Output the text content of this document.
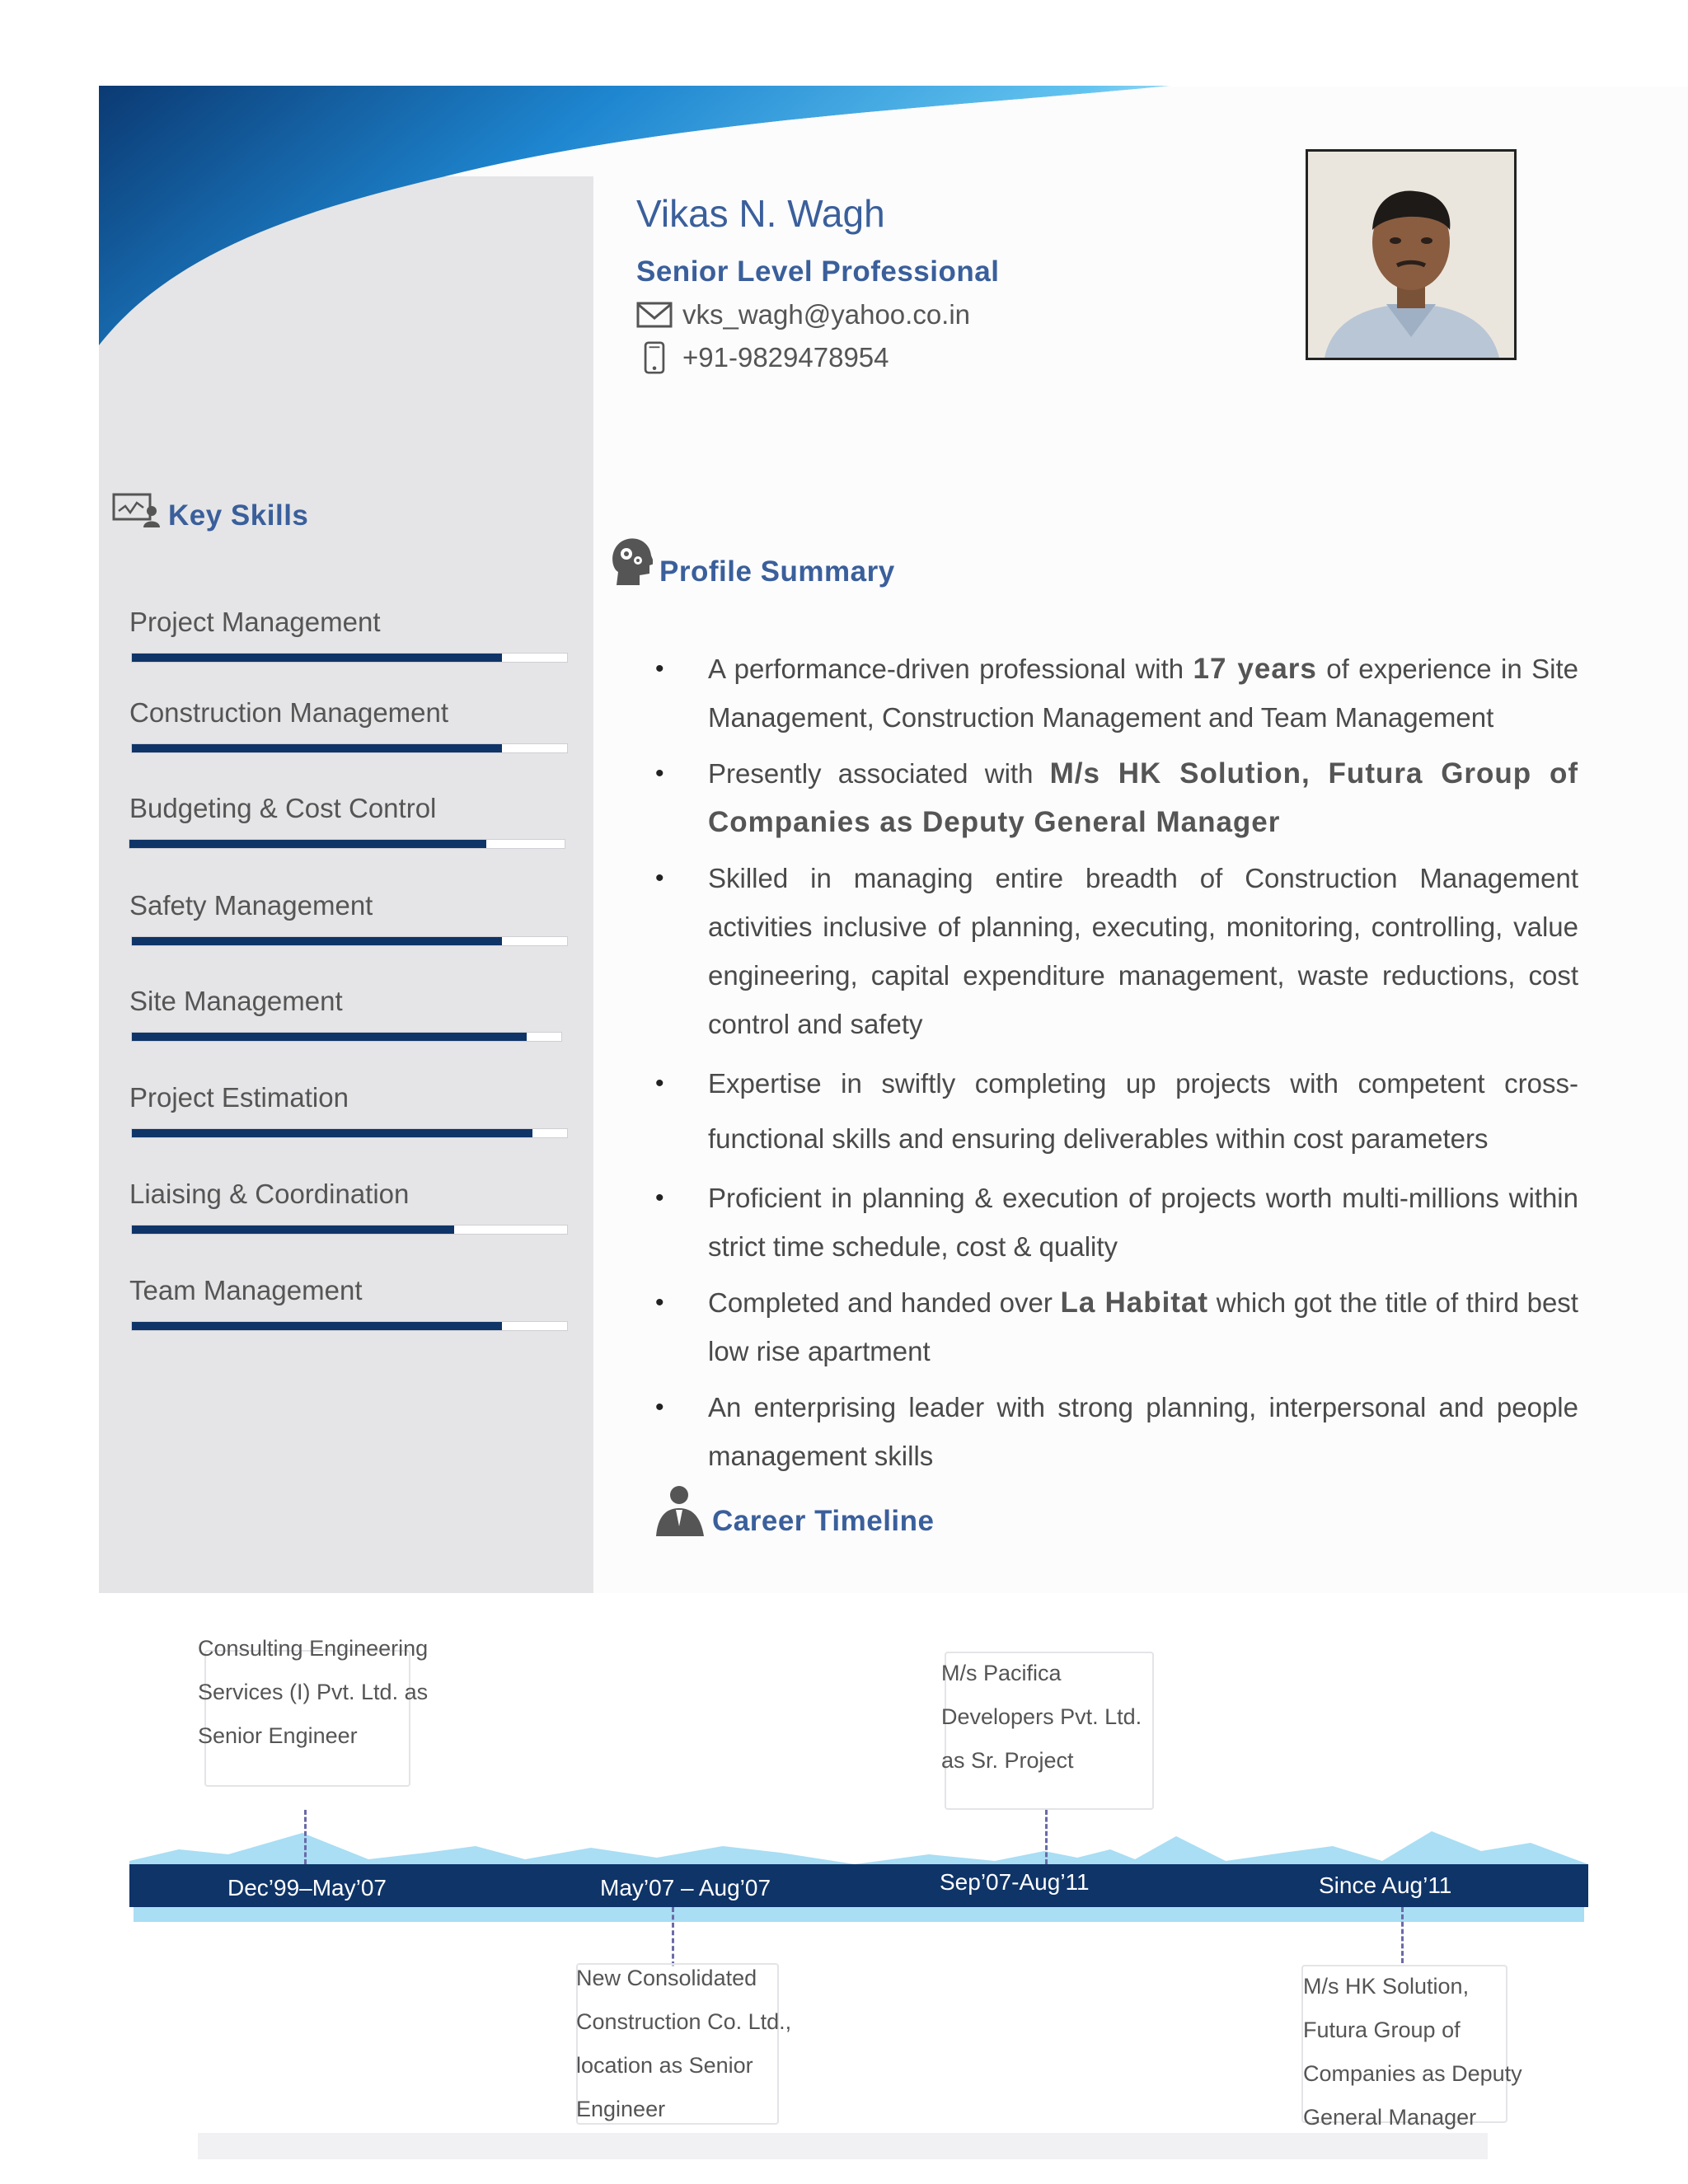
Vikas N. Wagh
Senior Level Professional
vks_wagh@yahoo.co.in
+91-9829478954
Key Skills
Project Management
Construction Management
Budgeting & Cost Control
Safety Management
Site Management
Project Estimation
Liaising & Coordination
Team Management
Profile Summary
• A performance-driven professional with 17 years of experience in Site Management, Construction Management and Team Management
• Presently associated with M/s HK Solution, Futura Group of Companies as Deputy General Manager
• Skilled in managing entire breadth of Construction Management activities inclusive of planning, executing, monitoring, controlling, value engineering, capital expenditure management, waste reductions, cost control and safety
• Expertise in swiftly completing up projects with competent cross-functional skills and ensuring deliverables within cost parameters
• Proficient in planning & execution of projects worth multi-millions within strict time schedule, cost & quality
• Completed and handed over La Habitat which got the title of third best low rise apartment
• An enterprising leader with strong planning, interpersonal and people management skills
Career Timeline
Dec’99–May’07	May’07 – Aug’07	Sep’07-Aug’11	Since Aug’11
Consulting Engineering
Services (I) Pvt. Ltd. as
Senior Engineer
New Consolidated
Construction Co. Ltd.,
location as Senior
Engineer
M/s Pacifica
Developers Pvt. Ltd.
as Sr. Project
M/s HK Solution,
Futura Group of
Companies as Deputy
General Manager
